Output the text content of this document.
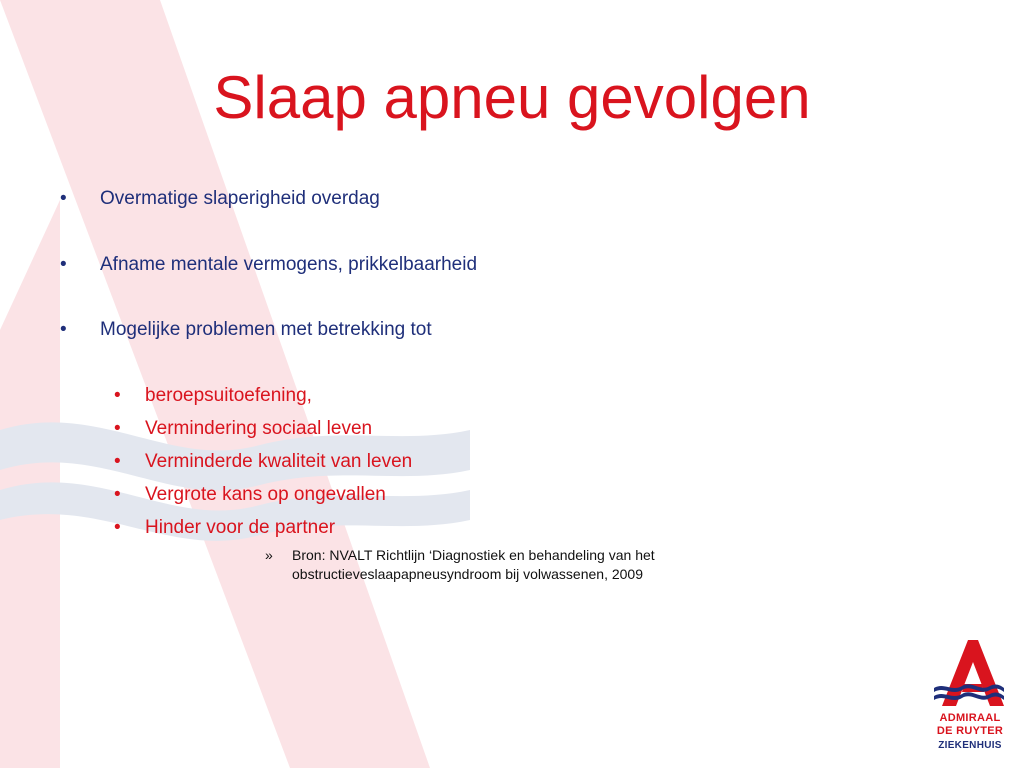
Slaap apneu gevolgen
• Overmatige slaperigheid overdag
• Afname mentale vermogens, prikkelbaarheid
• Mogelijke problemen met betrekking tot
• beroepsuitoefening,
• Vermindering sociaal leven
• Verminderde kwaliteit van leven
• Vergrote kans op ongevallen
• Hinder voor de partner
» Bron: NVALT Richtlijn ‘Diagnostiek en behandeling van het obstructieveslaapapneusyndroom bij volwassenen, 2009
ADMIRAAL
DE RUYTER
ZIEKENHUIS
